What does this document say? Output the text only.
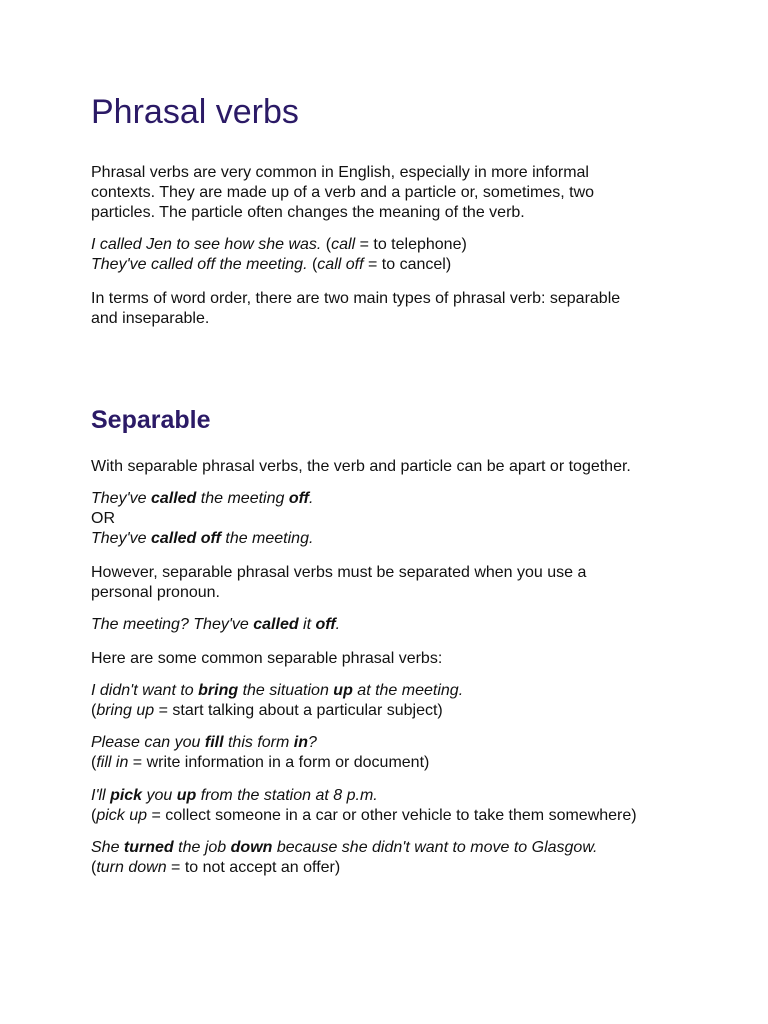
Phrasal verbs
Phrasal verbs are very common in English, especially in more informal
contexts. They are made up of a verb and a particle or, sometimes, two
particles. The particle often changes the meaning of the verb.
I called Jen to see how she was. (call = to telephone)
They've called off the meeting. (call off = to cancel)
In terms of word order, there are two main types of phrasal verb: separable
and inseparable.
Separable
With separable phrasal verbs, the verb and particle can be apart or together.
They've called the meeting off.
OR
They've called off the meeting.
However, separable phrasal verbs must be separated when you use a
personal pronoun.
The meeting? They've called it off.
Here are some common separable phrasal verbs:
I didn't want to bring the situation up at the meeting.
(bring up = start talking about a particular subject)
Please can you fill this form in?
(fill in = write information in a form or document)
I'll pick you up from the station at 8 p.m.
(pick up = collect someone in a car or other vehicle to take them somewhere)
She turned the job down because she didn't want to move to Glasgow.
(turn down = to not accept an offer)
